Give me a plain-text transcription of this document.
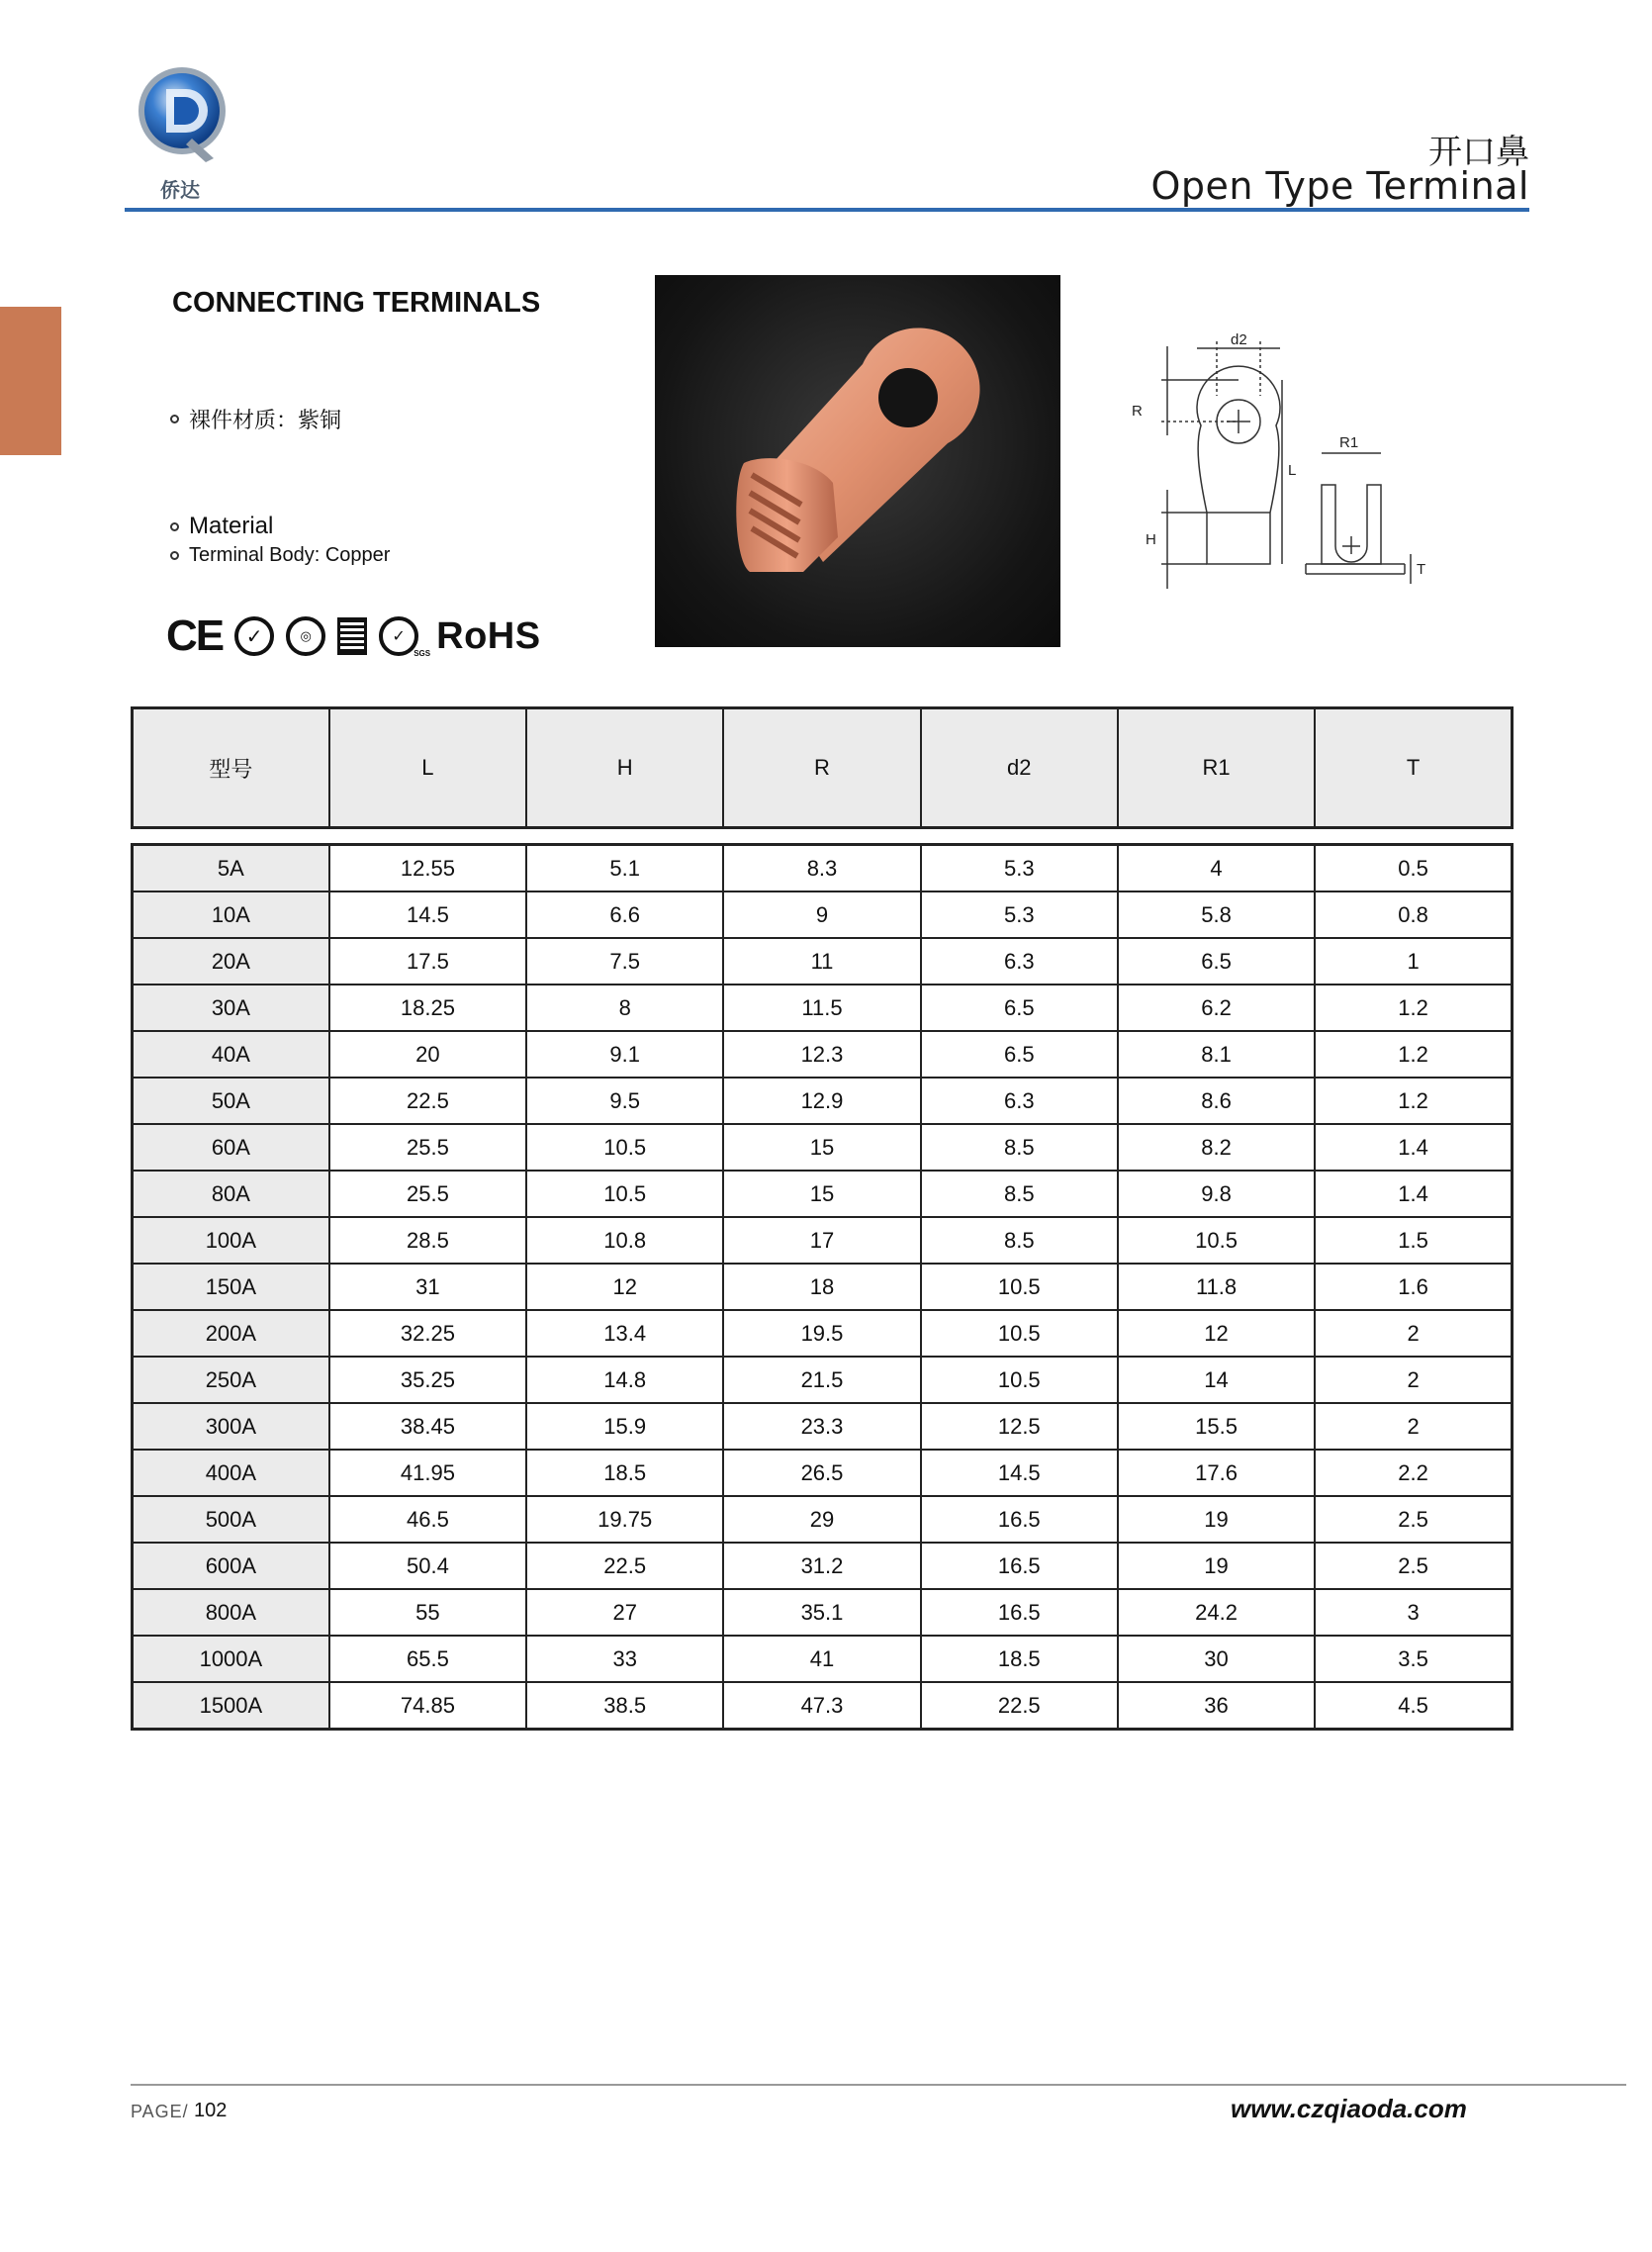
侨达
开口鼻
Open Type Terminal
CONNECTING TERMINALS
裸件材质：紫铜
Material
Terminal Body: Copper
CE	✓	◎	✓
SGS RoHS
d2
R
R1
L
H
T
型号	L	H	R	d2	R1	T
5A	12.55	5.1	8.3	5.3	4	0.5
10A	14.5	6.6	9	5.3	5.8	0.8
20A	17.5	7.5	11	6.3	6.5	1
30A	18.25	8	11.5	6.5	6.2	1.2
40A	20	9.1	12.3	6.5	8.1	1.2
50A	22.5	9.5	12.9	6.3	8.6	1.2
60A	25.5	10.5	15	8.5	8.2	1.4
80A	25.5	10.5	15	8.5	9.8	1.4
100A	28.5	10.8	17	8.5	10.5	1.5
150A	31	12	18	10.5	11.8	1.6
200A	32.25	13.4	19.5	10.5	12	2
250A	35.25	14.8	21.5	10.5	14	2
300A	38.45	15.9	23.3	12.5	15.5	2
400A	41.95	18.5	26.5	14.5	17.6	2.2
500A	46.5	19.75	29	16.5	19	2.5
600A	50.4	22.5	31.2	16.5	19	2.5
800A	55	27	35.1	16.5	24.2	3
1000A	65.5	33	41	18.5	30	3.5
1500A	74.85	38.5	47.3	22.5	36	4.5
PAGE/ 102	www.czqiaoda.com
